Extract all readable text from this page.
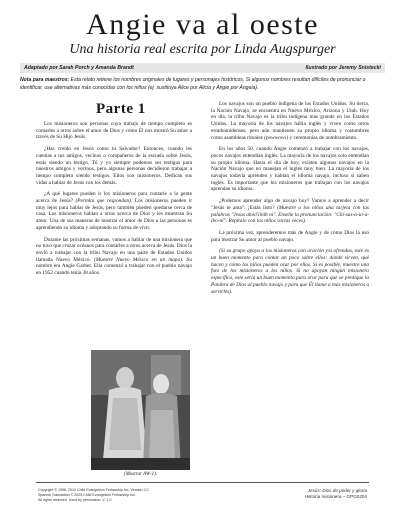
Angie va al oeste
Una historia real escrita por Linda Augspurger
Adaptado por Sarah Porch y Amanda Brandt	Ilustrado por Jeremy Snistecki
Nota para maestros: Esta relato retiene los nombres originales de lugares y personajes históricos. Si algunos nombres resultan difíciles de pronunciar o identificar, use alternativas más conocidas con los niños (ej. sustituya Alice por Alicia y Angie por Ángela).
Parte 1

Los misioneros son personas cuyo trabajo de tiempo completo es contarles a otros sobre el amor de Dios y cómo Él nos mostró Su amor a través de Su Hijo Jesús.

¿Has creído en Jesús como tu Salvador? Entonces, cuando les cuentas a tus amigos, vecinos o compañeros de la escuela sobre Jesús, estás siendo un testigo. Tú y yo siempre podemos ser testigos para nuestros amigos y vecinos, pero algunas personas decidieron trabajar a tiempo completo siendo testigos. Ellos son misioneros. Dedican sus vidas a hablar de Jesús con los demás.

¿A qué lugares pueden ir los misioneros para contarle a la gente acerca de Jesús? (Permita que respondan). Los misioneros pueden ir muy lejos para hablar de Jesús, pero también pueden quedarse cerca de casa. Los misioneros hablan a otros acerca de Dios y les muestran Su amor. Una de sus maneras de mostrar el amor de Dios a las personas es aprendiendo su idioma y adoptando su forma de vivir.

Durante las próximas semanas, vamos a hablar de una misionera que no tuvo que cruzar océanos para contarles a otros acerca de Jesús. Dios la envió a trabajar con la tribu Navajo en una parte de Estados Unidos llamada Nuevo México. (Muestre Nuevo México en un mapa). Su nombre era Angie Garber. Ella comenzó a trabajar con el pueblo navajo en 1952 cuando tenía 38 años.

(Mostrar AW-1).

Los navajos son un pueblo indígena de los Estados Unidos. Su tierra, la Nación Navajo, se encuentra en Nuevo México, Arizona y Utah. Hoy en día, la tribu Navajo es la tribu indígena más grande en los Estados Unidos. La mayoría de los navajos habla inglés y viven como otros estadounidenses, pero aún mantienen su propio idioma y costumbres como asambleas rituales (powwows) y ceremonias de nombramiento.

En los años 50, cuando Angie comenzó a trabajar con los navajos, pocos navajos entendían inglés. La mayoría de los navajos solo entendían su propio idioma. Hasta el día de hoy, existen algunos navajos en la Nación Navajo que no manejan el inglés muy bien. La mayoría de los navajos todavía aprenden y hablan el idioma navajo, incluso si saben inglés. Es importante que los misioneros que trabajan con los navajos aprendan su idioma.

¿Podemos aprender algo de navajo hoy? Vamos a aprender a decir "Jesús te ama". ¡Estás listo? (Muestre a los niños una tarjeta con las palabras "Jesus ahóó'ííníh ni". Enseñe la pronunciación: "Chí-sas-a-io-a-ibo-ni". Repítalo con los niños varias veces).

La próxima vez, aprenderemos más de Angie y de cómo Dios la usó para mostrar Su amor al pueblo navajo.

(Si su grupo apoya a los misioneros con oración y/u ofrendas, este es un buen momento para contar un poco sobre ellos: dónde sirven, qué hacen y cómo los niños pueden orar por ellos. Si es posible, muestre una foto de los misioneros a los niños. Si no apoyan ningún misionero específico, este sería un buen momento para orar para que se predique la Palabra de Dios al pueblo navajo y para que Él llame a más misioneros a servirles).

Copyright © 1998, 2019 Child Evangelism Fellowship Inc. Version 2.0
Spanish Translation © 2025 Child Evangelism Fellowship Inc.
All rights reserved. Used by permission. V. 1.0.
Jesús: Dios de poder y gloria
Historia misionera – GPG0204
